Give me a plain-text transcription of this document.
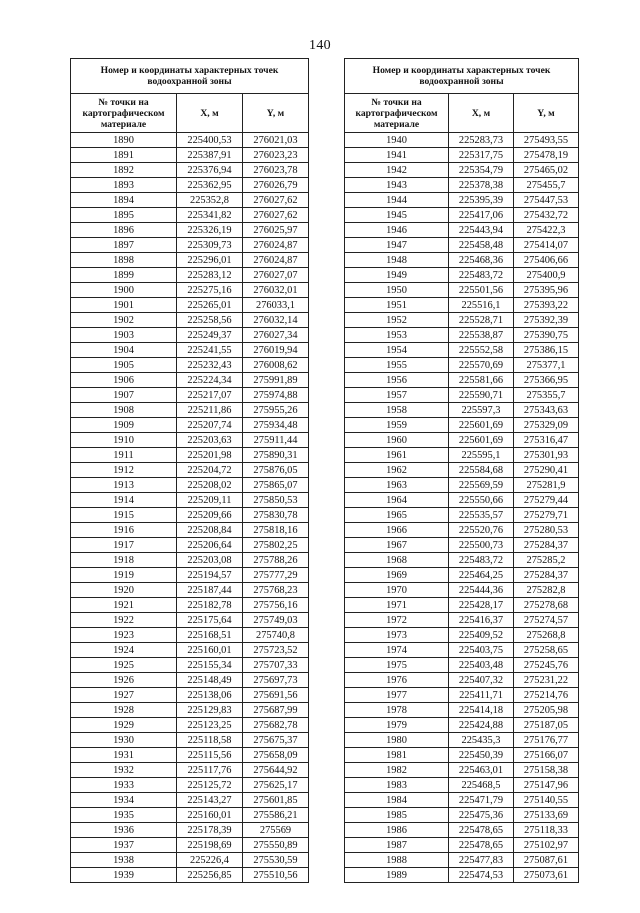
140
Номер и координаты характерных точек водоохранной зоны		
№ точки на картографическом материале	X, м	Y, м
1890	225400,53	276021,03
1891	225387,91	276023,23
1892	225376,94	276023,78
1893	225362,95	276026,79
1894	225352,8	276027,62
1895	225341,82	276027,62
1896	225326,19	276025,97
1897	225309,73	276024,87
1898	225296,01	276024,87
1899	225283,12	276027,07
1900	225275,16	276032,01
1901	225265,01	276033,1
1902	225258,56	276032,14
1903	225249,37	276027,34
1904	225241,55	276019,94
1905	225232,43	276008,62
1906	225224,34	275991,89
1907	225217,07	275974,88
1908	225211,86	275955,26
1909	225207,74	275934,48
1910	225203,63	275911,44
1911	225201,98	275890,31
1912	225204,72	275876,05
1913	225208,02	275865,07
1914	225209,11	275850,53
1915	225209,66	275830,78
1916	225208,84	275818,16
1917	225206,64	275802,25
1918	225203,08	275788,26
1919	225194,57	275777,29
1920	225187,44	275768,23
1921	225182,78	275756,16
1922	225175,64	275749,03
1923	225168,51	275740,8
1924	225160,01	275723,52
1925	225155,34	275707,33
1926	225148,49	275697,73
1927	225138,06	275691,56
1928	225129,83	275687,99
1929	225123,25	275682,78
1930	225118,58	275675,37
1931	225115,56	275658,09
1932	225117,76	275644,92
1933	225125,72	275625,17
1934	225143,27	275601,85
1935	225160,01	275586,21
1936	225178,39	275569
1937	225198,69	275550,89
1938	225226,4	275530,59
1939	225256,85	275510,56
Номер и координаты характерных точек водоохранной зоны		
№ точки на картографическом материале	X, м	Y, м
1940	225283,73	275493,55
1941	225317,75	275478,19
1942	225354,79	275465,02
1943	225378,38	275455,7
1944	225395,39	275447,53
1945	225417,06	275432,72
1946	225443,94	275422,3
1947	225458,48	275414,07
1948	225468,36	275406,66
1949	225483,72	275400,9
1950	225501,56	275395,96
1951	225516,1	275393,22
1952	225528,71	275392,39
1953	225538,87	275390,75
1954	225552,58	275386,15
1955	225570,69	275377,1
1956	225581,66	275366,95
1957	225590,71	275355,7
1958	225597,3	275343,63
1959	225601,69	275329,09
1960	225601,69	275316,47
1961	225595,1	275301,93
1962	225584,68	275290,41
1963	225569,59	275281,9
1964	225550,66	275279,44
1965	225535,57	275279,71
1966	225520,76	275280,53
1967	225500,73	275284,37
1968	225483,72	275285,2
1969	225464,25	275284,37
1970	225444,36	275282,8
1971	225428,17	275278,68
1972	225416,37	275274,57
1973	225409,52	275268,8
1974	225403,75	275258,65
1975	225403,48	275245,76
1976	225407,32	275231,22
1977	225411,71	275214,76
1978	225414,18	275205,98
1979	225424,88	275187,05
1980	225435,3	275176,77
1981	225450,39	275166,07
1982	225463,01	275158,38
1983	225468,5	275147,96
1984	225471,79	275140,55
1985	225475,36	275133,69
1986	225478,65	275118,33
1987	225478,65	275102,97
1988	225477,83	275087,61
1989	225474,53	275073,61
